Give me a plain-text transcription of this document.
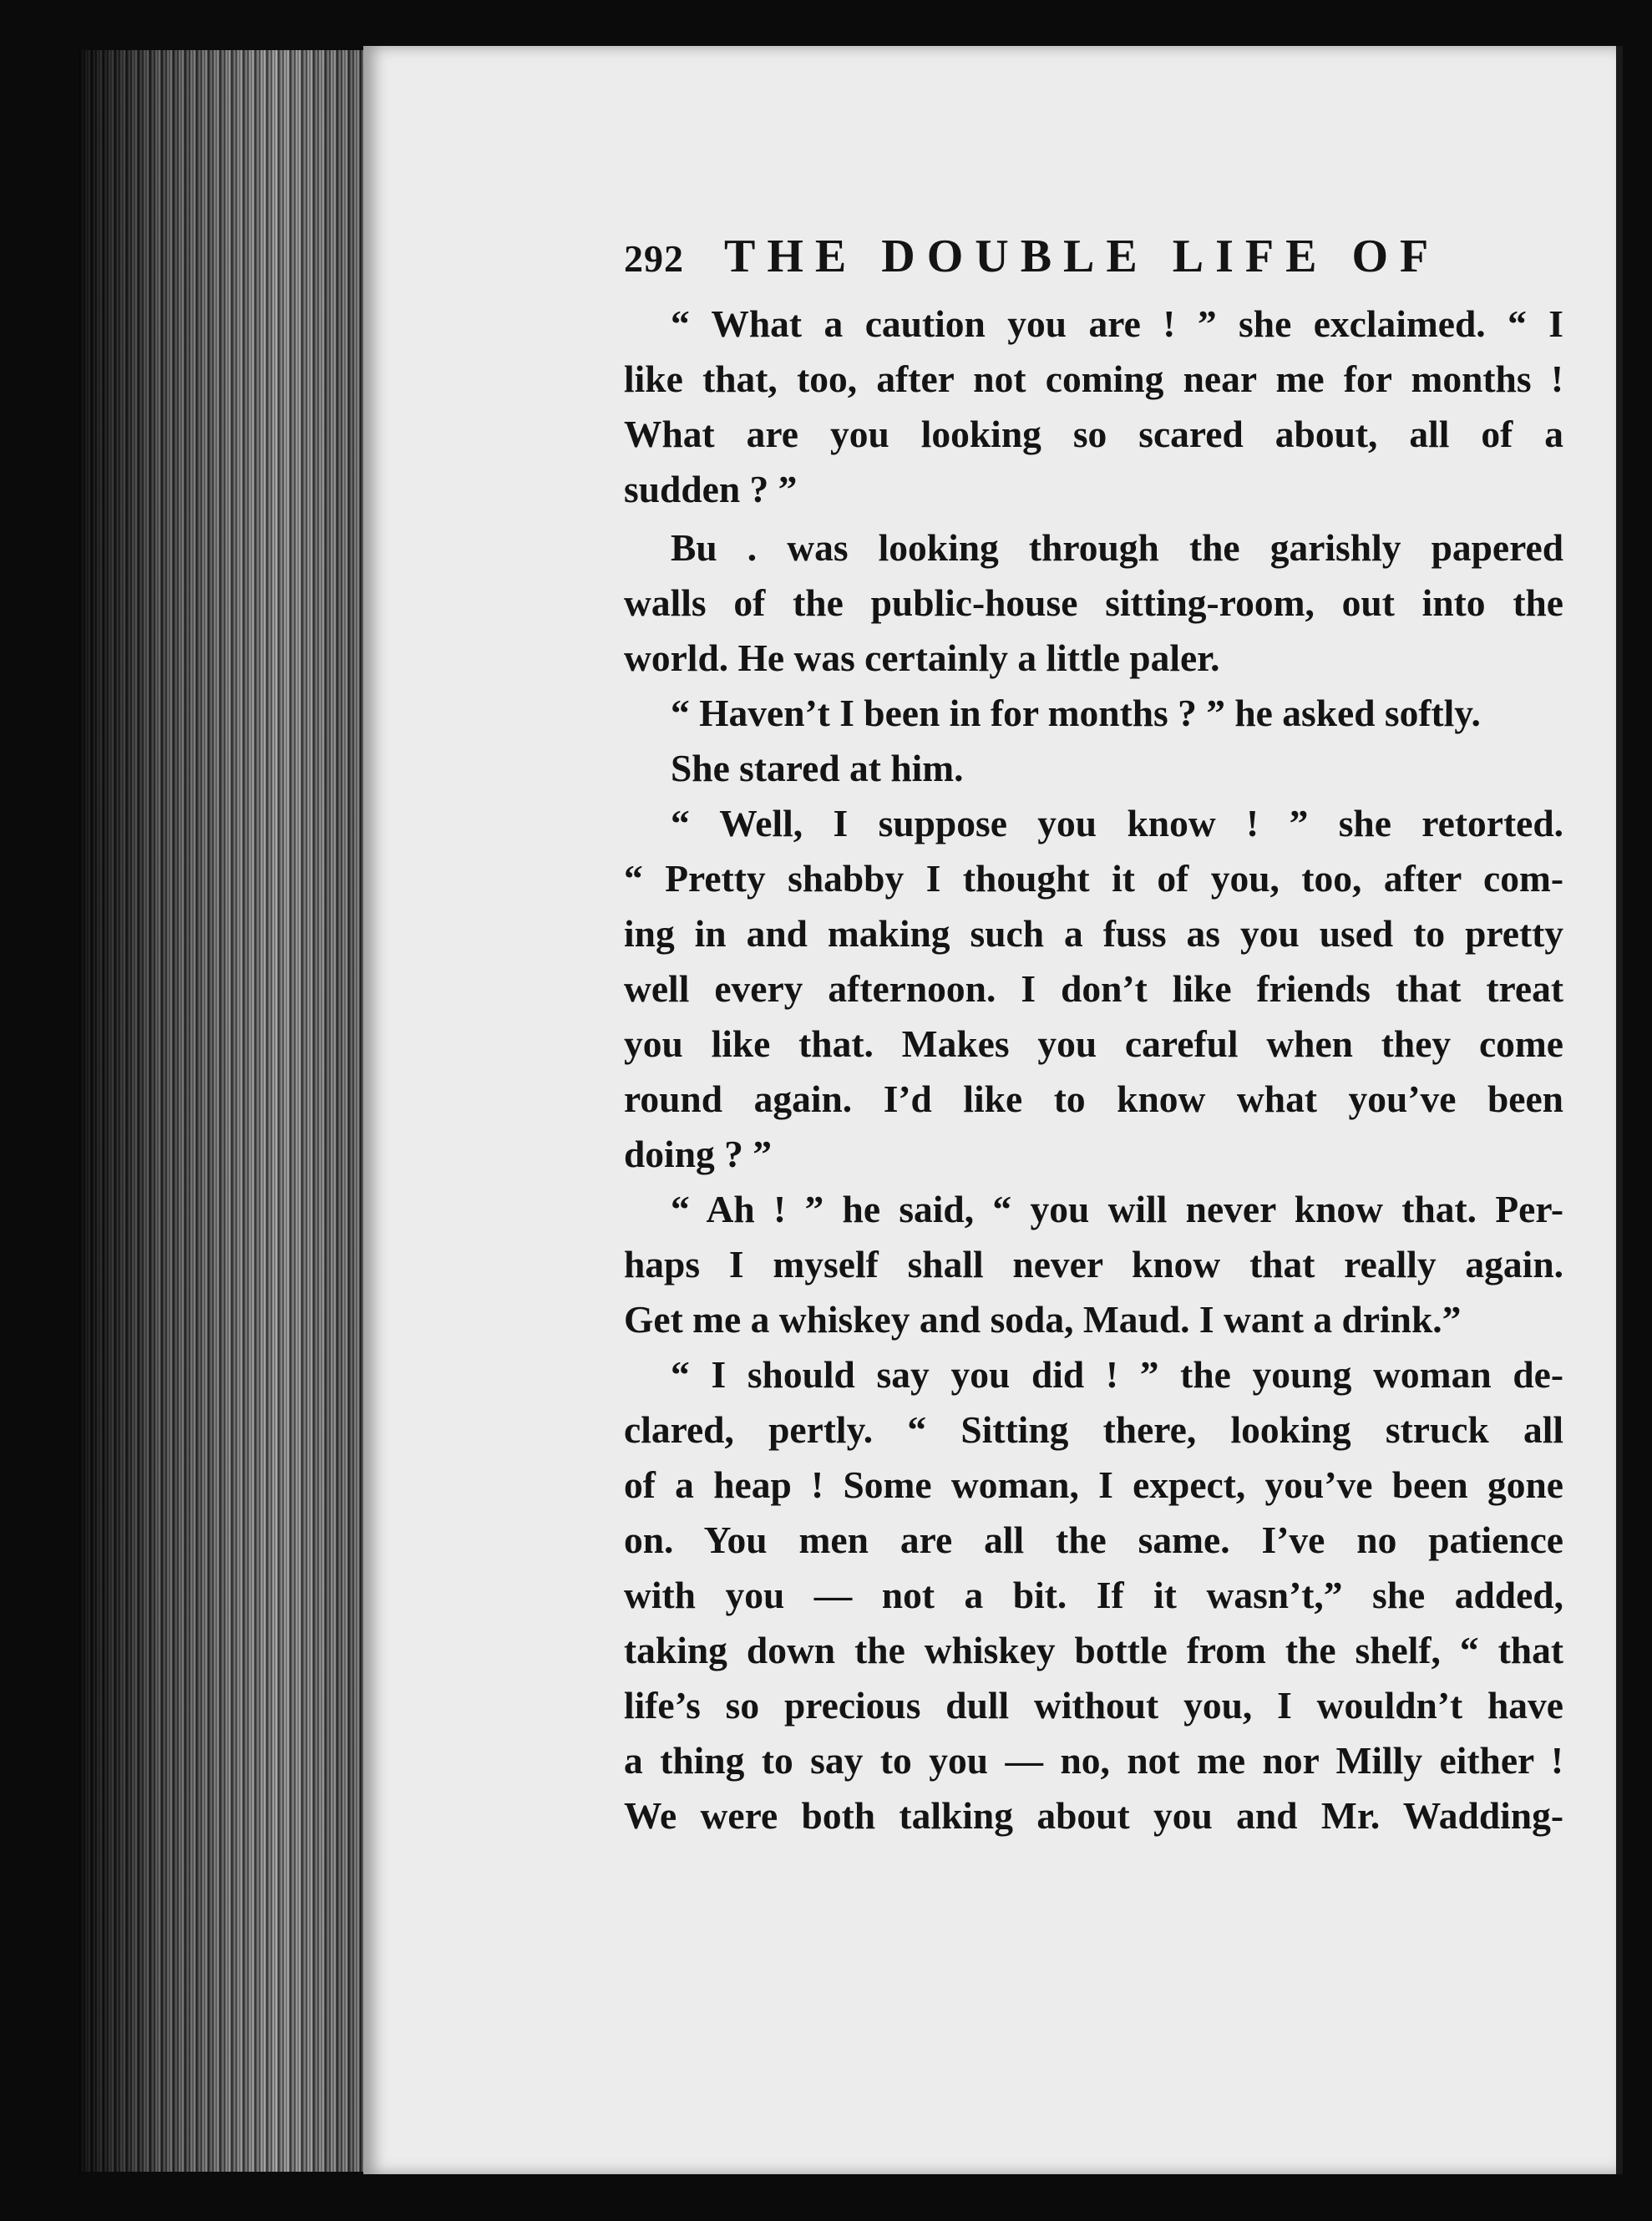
292 THE DOUBLE LIFE OF
“ What a caution you are ! ” she exclaimed. “ I
like that, too, after not coming near me for months !
What are you looking so scared about, all of a
sudden ? ”
Bu . was looking through the garishly papered
walls of the public-house sitting-room, out into the
world. He was certainly a little paler.
“ Haven’t I been in for months ? ” he asked softly.
She stared at him.
“ Well, I suppose you know ! ” she retorted.
“ Pretty shabby I thought it of you, too, after com-
ing in and making such a fuss as you used to pretty
well every afternoon. I don’t like friends that treat
you like that. Makes you careful when they come
round again. I’d like to know what you’ve been
doing ? ”
“ Ah ! ” he said, “ you will never know that. Per-
haps I myself shall never know that really again.
Get me a whiskey and soda, Maud. I want a drink.”
“ I should say you did ! ” the young woman de-
clared, pertly. “ Sitting there, looking struck all
of a heap ! Some woman, I expect, you’ve been gone
on. You men are all the same. I’ve no patience
with you — not a bit. If it wasn’t,” she added,
taking down the whiskey bottle from the shelf, “ that
life’s so precious dull without you, I wouldn’t have
a thing to say to you — no, not me nor Milly either !
We were both talking about you and Mr. Wadding-
